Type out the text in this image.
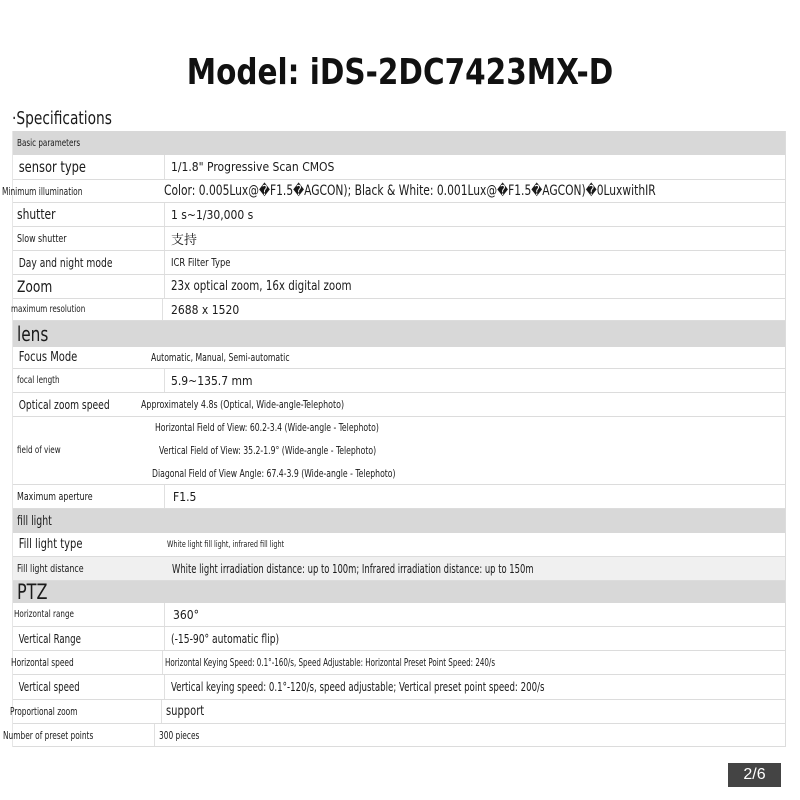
Model: iDS-2DC7423MX-D
·Specifications
Basic parameters
sensor type	1/1.8" Progressive Scan CMOS
Minimum illumination	Color: 0.005Lux@�F1.5�AGCON); Black & White: 0.001Lux@�F1.5�AGCON)�0LuxwithIR
shutter	1 s~1/30,000 s
Slow shutter	支持
Day and night mode	ICR Filter Type
Zoom	23x optical zoom, 16x digital zoom
maximum resolution	2688 x 1520
lens
Focus Mode	Automatic, Manual, Semi-automatic
focal length	5.9~135.7 mm
Optical zoom speed	Approximately 4.8s (Optical, Wide-angle-Telephoto)
field of view
Horizontal Field of View: 60.2-3.4 (Wide-angle - Telephoto)
Vertical Field of View: 35.2-1.9° (Wide-angle - Telephoto)
Diagonal Field of View Angle: 67.4-3.9 (Wide-angle - Telephoto)
Maximum aperture	F1.5
fill light
Fill light type	White light fill light, infrared fill light
Fill light distance	White light irradiation distance: up to 100m; Infrared irradiation distance: up to 150m
PTZ
Horizontal range	360°
Vertical Range	(-15-90° automatic flip)
Horizontal speed	Horizontal Keying Speed: 0.1°-160/s, Speed Adjustable: Horizontal Preset Point Speed: 240/s
Vertical speed	Vertical keying speed: 0.1°-120/s, speed adjustable; Vertical preset point speed: 200/s
Proportional zoom	support
Number of preset points	300 pieces
2/6
